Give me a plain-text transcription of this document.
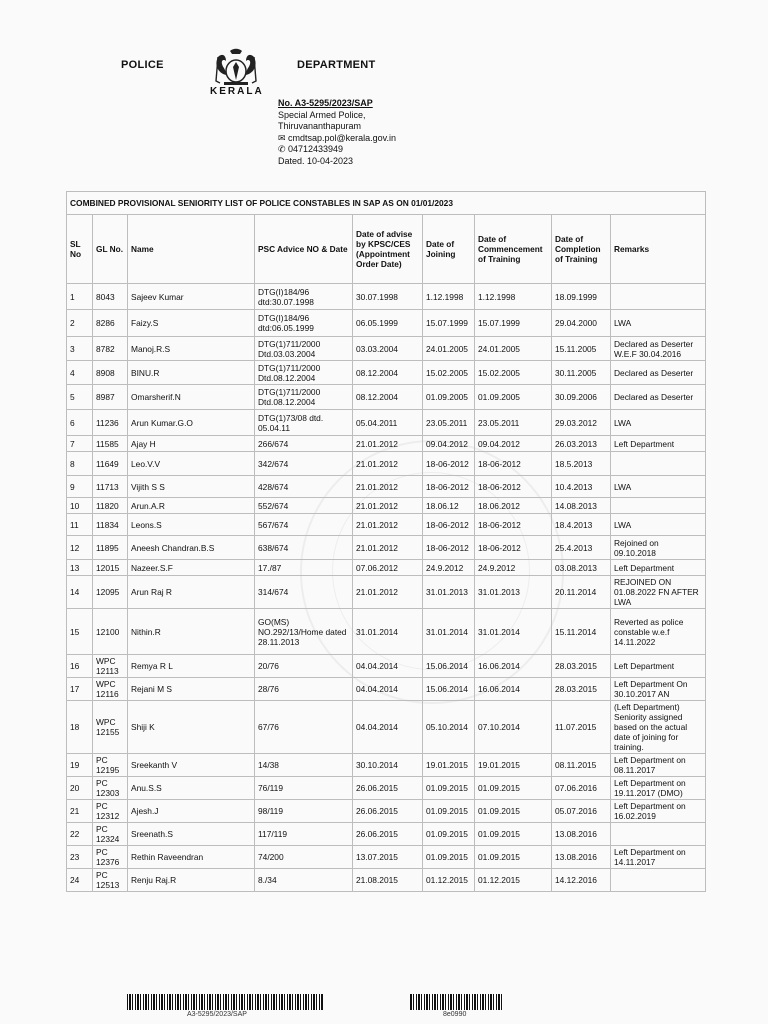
POLICE	DEPARTMENT
KERALA
No. A3-5295/2023/SAP
Special Armed Police,
Thiruvananthapuram
✉ cmdtsap.pol@kerala.gov.in
✆ 04712433949
Dated. 10-04-2023
COMBINED PROVISIONAL SENIORITY LIST OF POLICE CONSTABLES IN SAP AS ON 01/01/2023								
SL No	GL No.	Name	PSC Advice NO & Date	Date of advise by KPSC/CES (Appointment Order Date)	Date of Joining	Date of Commencement of Training	Date of Completion of Training	Remarks
1	8043	Sajeev Kumar	DTG(I)184/96 dtd:30.07.1998	30.07.1998	1.12.1998	1.12.1998	18.09.1999	
2	8286	Faizy.S	DTG(I)184/96 dtd:06.05.1999	06.05.1999	15.07.1999	15.07.1999	29.04.2000	LWA
3	8782	Manoj.R.S	DTG(1)711/2000 Dtd.03.03.2004	03.03.2004	24.01.2005	24.01.2005	15.11.2005	Declared as Deserter W.E.F 30.04.2016
4	8908	BINU.R	DTG(1)711/2000 Dtd.08.12.2004	08.12.2004	15.02.2005	15.02.2005	30.11.2005	Declared as Deserter
5	8987	Omarsherif.N	DTG(1)711/2000 Dtd.08.12.2004	08.12.2004	01.09.2005	01.09.2005	30.09.2006	Declared as Deserter
6	11236	Arun Kumar.G.O	DTG(1)73/08 dtd. 05.04.11	05.04.2011	23.05.2011	23.05.2011	29.03.2012	LWA
7	11585	Ajay H	266/674	21.01.2012	09.04.2012	09.04.2012	26.03.2013	Left Department
8	11649	Leo.V.V	342/674	21.01.2012	18-06-2012	18-06-2012	18.5.2013	
9	11713	Vijith S S	428/674	21.01.2012	18-06-2012	18-06-2012	10.4.2013	LWA
10	11820	Arun.A.R	552/674	21.01.2012	18.06.12	18.06.2012	14.08.2013	
11	11834	Leons.S	567/674	21.01.2012	18-06-2012	18-06-2012	18.4.2013	LWA
12	11895	Aneesh Chandran.B.S	638/674	21.01.2012	18-06-2012	18-06-2012	25.4.2013	Rejoined on 09.10.2018
13	12015	Nazeer.S.F	17./87	07.06.2012	24.9.2012	24.9.2012	03.08.2013	Left Department
14	12095	Arun Raj R	314/674	21.01.2012	31.01.2013	31.01.2013	20.11.2014	REJOINED ON 01.08.2022 FN AFTER LWA
15	12100	Nithin.R	GO(MS) NO.292/13/Home dated 28.11.2013	31.01.2014	31.01.2014	31.01.2014	15.11.2014	Reverted as police constable w.e.f 14.11.2022
16	WPC 12113	Remya R L	20/76	04.04.2014	15.06.2014	16.06.2014	28.03.2015	Left Department
17	WPC 12116	Rejani M S	28/76	04.04.2014	15.06.2014	16.06.2014	28.03.2015	Left Department On 30.10.2017 AN
18	WPC 12155	Shiji K	67/76	04.04.2014	05.10.2014	07.10.2014	11.07.2015	(Left Department) Seniority assigned based on the actual date of joining for training.
19	PC 12195	Sreekanth V	14/38	30.10.2014	19.01.2015	19.01.2015	08.11.2015	Left Department on 08.11.2017
20	PC 12303	Anu.S.S	76/119	26.06.2015	01.09.2015	01.09.2015	07.06.2016	Left Department on 19.11.2017 (DMO)
21	PC 12312	Ajesh.J	98/119	26.06.2015	01.09.2015	01.09.2015	05.07.2016	Left Department on 16.02.2019
22	PC 12324	Sreenath.S	117/119	26.06.2015	01.09.2015	01.09.2015	13.08.2016	
23	PC 12376	Rethin Raveendran	74/200	13.07.2015	01.09.2015	01.09.2015	13.08.2016	Left Department on 14.11.2017
24	PC 12513	Renju Raj.R	8./34	21.08.2015	01.12.2015	01.12.2015	14.12.2016	
A3-5295/2023/SAP	8e0990
